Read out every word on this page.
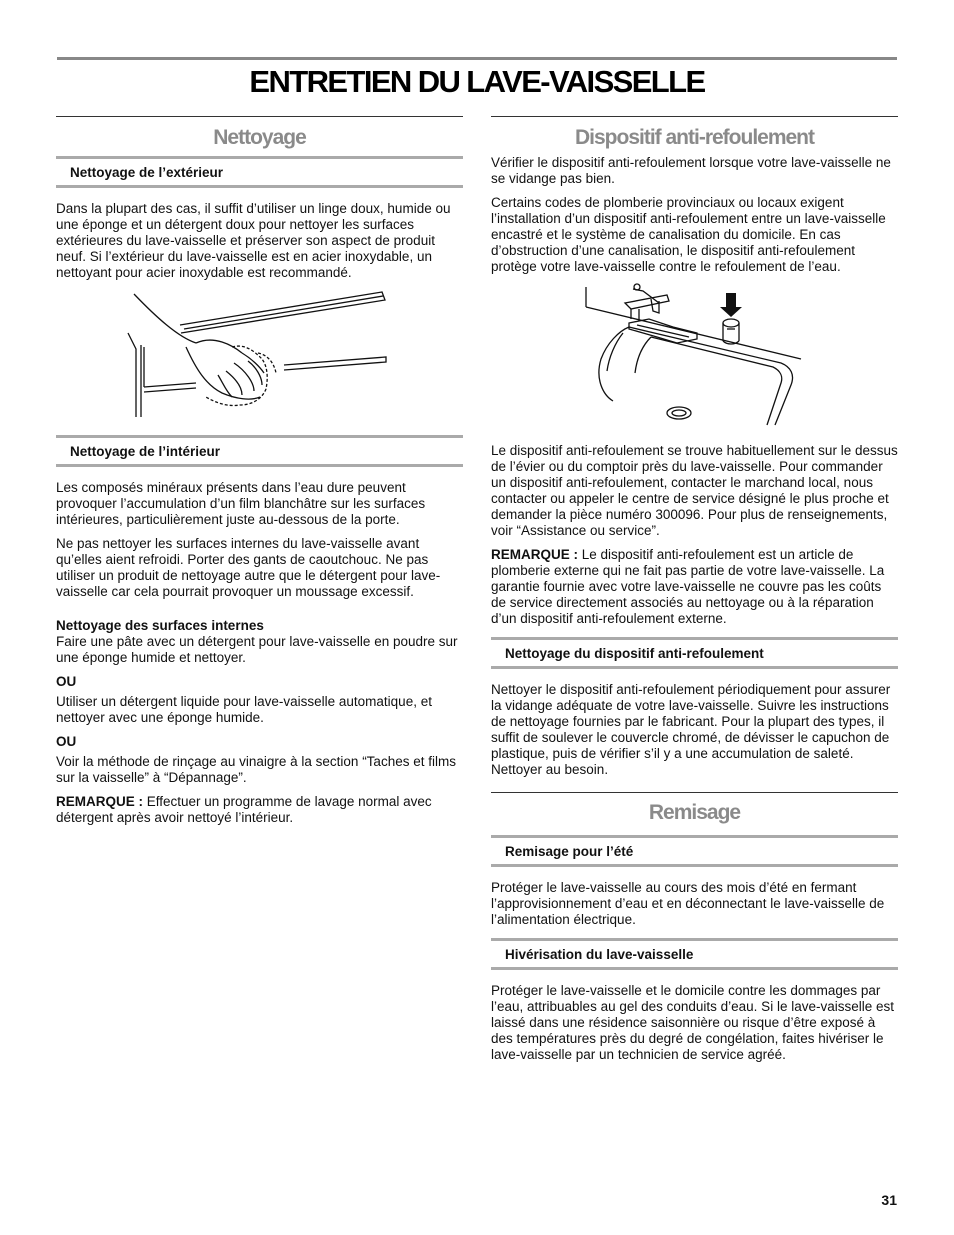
ENTRETIEN DU LAVE-VAISSELLE
Nettoyage
Nettoyage de l’extérieur

Dans la plupart des cas, il suffit d’utiliser un linge doux, humide ou une éponge et un détergent doux pour nettoyer les surfaces extérieures du lave-vaisselle et préserver son aspect de produit neuf. Si l’extérieur du lave-vaisselle est en acier inoxydable, un nettoyant pour acier inoxydable est recommandé.

Nettoyage de l’intérieur

Les composés minéraux présents dans l’eau dure peuvent provoquer l’accumulation d’un film blanchâtre sur les surfaces intérieures, particulièrement juste au-dessous de la porte.

Ne pas nettoyer les surfaces internes du lave-vaisselle avant qu’elles aient refroidi. Porter des gants de caoutchouc. Ne pas utiliser un produit de nettoyage autre que le détergent pour lave-vaisselle car cela pourrait provoquer un moussage excessif.

Nettoyage des surfaces internes

Faire une pâte avec un détergent pour lave-vaisselle en poudre sur une éponge humide et nettoyer.

OU

Utiliser un détergent liquide pour lave-vaisselle automatique, et nettoyer avec une éponge humide.

OU

Voir la méthode de rinçage au vinaigre à la section “Taches et films sur la vaisselle” à “Dépannage”.

REMARQUE : Effectuer un programme de lavage normal avec détergent après avoir nettoyé l’intérieur.

Dispositif anti-refoulement

Vérifier le dispositif anti-refoulement lorsque votre lave-vaisselle ne se vidange pas bien.

Certains codes de plomberie provinciaux ou locaux exigent l’installation d’un dispositif anti-refoulement entre un lave-vaisselle encastré et le système de canalisation du domicile. En cas d’obstruction d’une canalisation, le dispositif anti-refoulement protège votre lave-vaisselle contre le refoulement de l’eau.

Le dispositif anti-refoulement se trouve habituellement sur le dessus de l’évier ou du comptoir près du lave-vaisselle. Pour commander un dispositif anti-refoulement, contacter le marchand local, nous contacter ou appeler le centre de service désigné le plus proche et demander la pièce numéro 300096. Pour plus de renseignements, voir “Assistance ou service”.

REMARQUE : Le dispositif anti-refoulement est un article de plomberie externe qui ne fait pas partie de votre lave-vaisselle. La garantie fournie avec votre lave-vaisselle ne couvre pas les coûts de service directement associés au nettoyage ou à la réparation d’un dispositif anti-refoulement externe.

Nettoyage du dispositif anti-refoulement

Nettoyer le dispositif anti-refoulement périodiquement pour assurer la vidange adéquate de votre lave-vaisselle. Suivre les instructions de nettoyage fournies par le fabricant. Pour la plupart des types, il suffit de soulever le couvercle chromé, de dévisser le capuchon de plastique, puis de vérifier s’il y a une accumulation de saleté. Nettoyer au besoin.

Remisage
Remisage pour l’été

Protéger le lave-vaisselle au cours des mois d’été en fermant l’approvisionnement d’eau et en déconnectant le lave-vaisselle de l’alimentation électrique.

Hivérisation du lave-vaisselle

Protéger le lave-vaisselle et le domicile contre les dommages par l’eau, attribuables au gel des conduits d’eau. Si le lave-vaisselle est laissé dans une résidence saisonnière ou risque d’être exposé à des températures près du degré de congélation, faites hivériser le lave-vaisselle par un technicien de service agréé.

31
